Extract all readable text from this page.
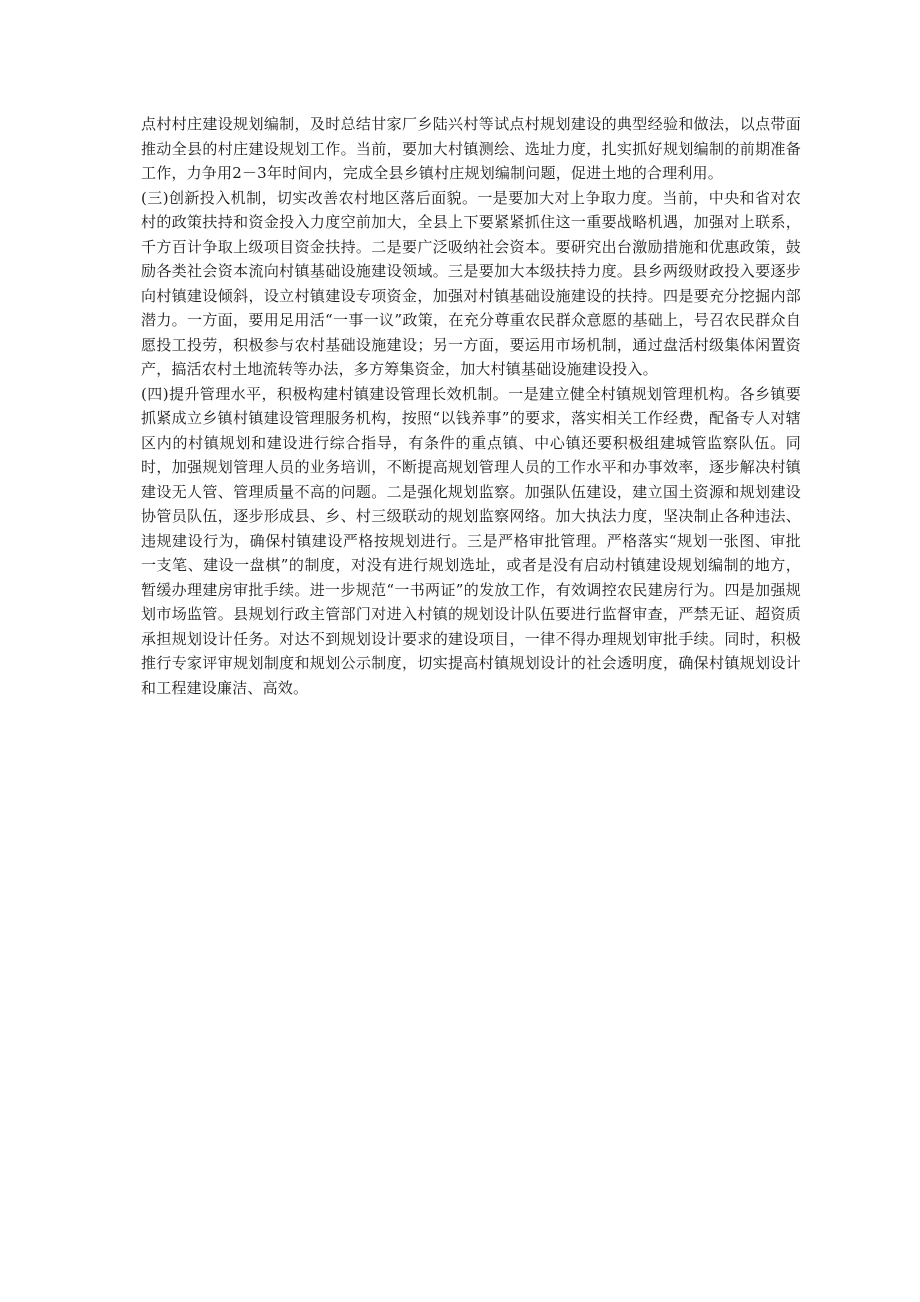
点村村庄建设规划编制，及时总结甘家厂乡陆兴村等试点村规划建设的典型经验和做法，以点带面推动全县的村庄建设规划工作。当前，要加大村镇测绘、选址力度，扎实抓好规划编制的前期准备工作，力争用2－3年时间内，完成全县乡镇村庄规划编制问题，促进土地的合理利用。

(三)创新投入机制，切实改善农村地区落后面貌。一是要加大对上争取力度。当前，中央和省对农村的政策扶持和资金投入力度空前加大，全县上下要紧紧抓住这一重要战略机遇，加强对上联系，千方百计争取上级项目资金扶持。二是要广泛吸纳社会资本。要研究出台激励措施和优惠政策，鼓励各类社会资本流向村镇基础设施建设领域。三是要加大本级扶持力度。县乡两级财政投入要逐步向村镇建设倾斜，设立村镇建设专项资金，加强对村镇基础设施建设的扶持。四是要充分挖掘内部潜力。一方面，要用足用活“一事一议”政策，在充分尊重农民群众意愿的基础上，号召农民群众自愿投工投劳，积极参与农村基础设施建设；另一方面，要运用市场机制，通过盘活村级集体闲置资产，搞活农村土地流转等办法，多方筹集资金，加大村镇基础设施建设投入。

(四)提升管理水平，积极构建村镇建设管理长效机制。一是建立健全村镇规划管理机构。各乡镇要抓紧成立乡镇村镇建设管理服务机构，按照“以钱养事”的要求，落实相关工作经费，配备专人对辖区内的村镇规划和建设进行综合指导，有条件的重点镇、中心镇还要积极组建城管监察队伍。同时，加强规划管理人员的业务培训，不断提高规划管理人员的工作水平和办事效率，逐步解决村镇建设无人管、管理质量不高的问题。二是强化规划监察。加强队伍建设，建立国土资源和规划建设协管员队伍，逐步形成县、乡、村三级联动的规划监察网络。加大执法力度，坚决制止各种违法、违规建设行为，确保村镇建设严格按规划进行。三是严格审批管理。严格落实“规划一张图、审批一支笔、建设一盘棋”的制度，对没有进行规划选址，或者是没有启动村镇建设规划编制的地方，暂缓办理建房审批手续。进一步规范“一书两证”的发放工作，有效调控农民建房行为。四是加强规划市场监管。县规划行政主管部门对进入村镇的规划设计队伍要进行监督审查，严禁无证、超资质承担规划设计任务。对达不到规划设计要求的建设项目，一律不得办理规划审批手续。同时，积极推行专家评审规划制度和规划公示制度，切实提高村镇规划设计的社会透明度，确保村镇规划设计和工程建设廉洁、高效。
